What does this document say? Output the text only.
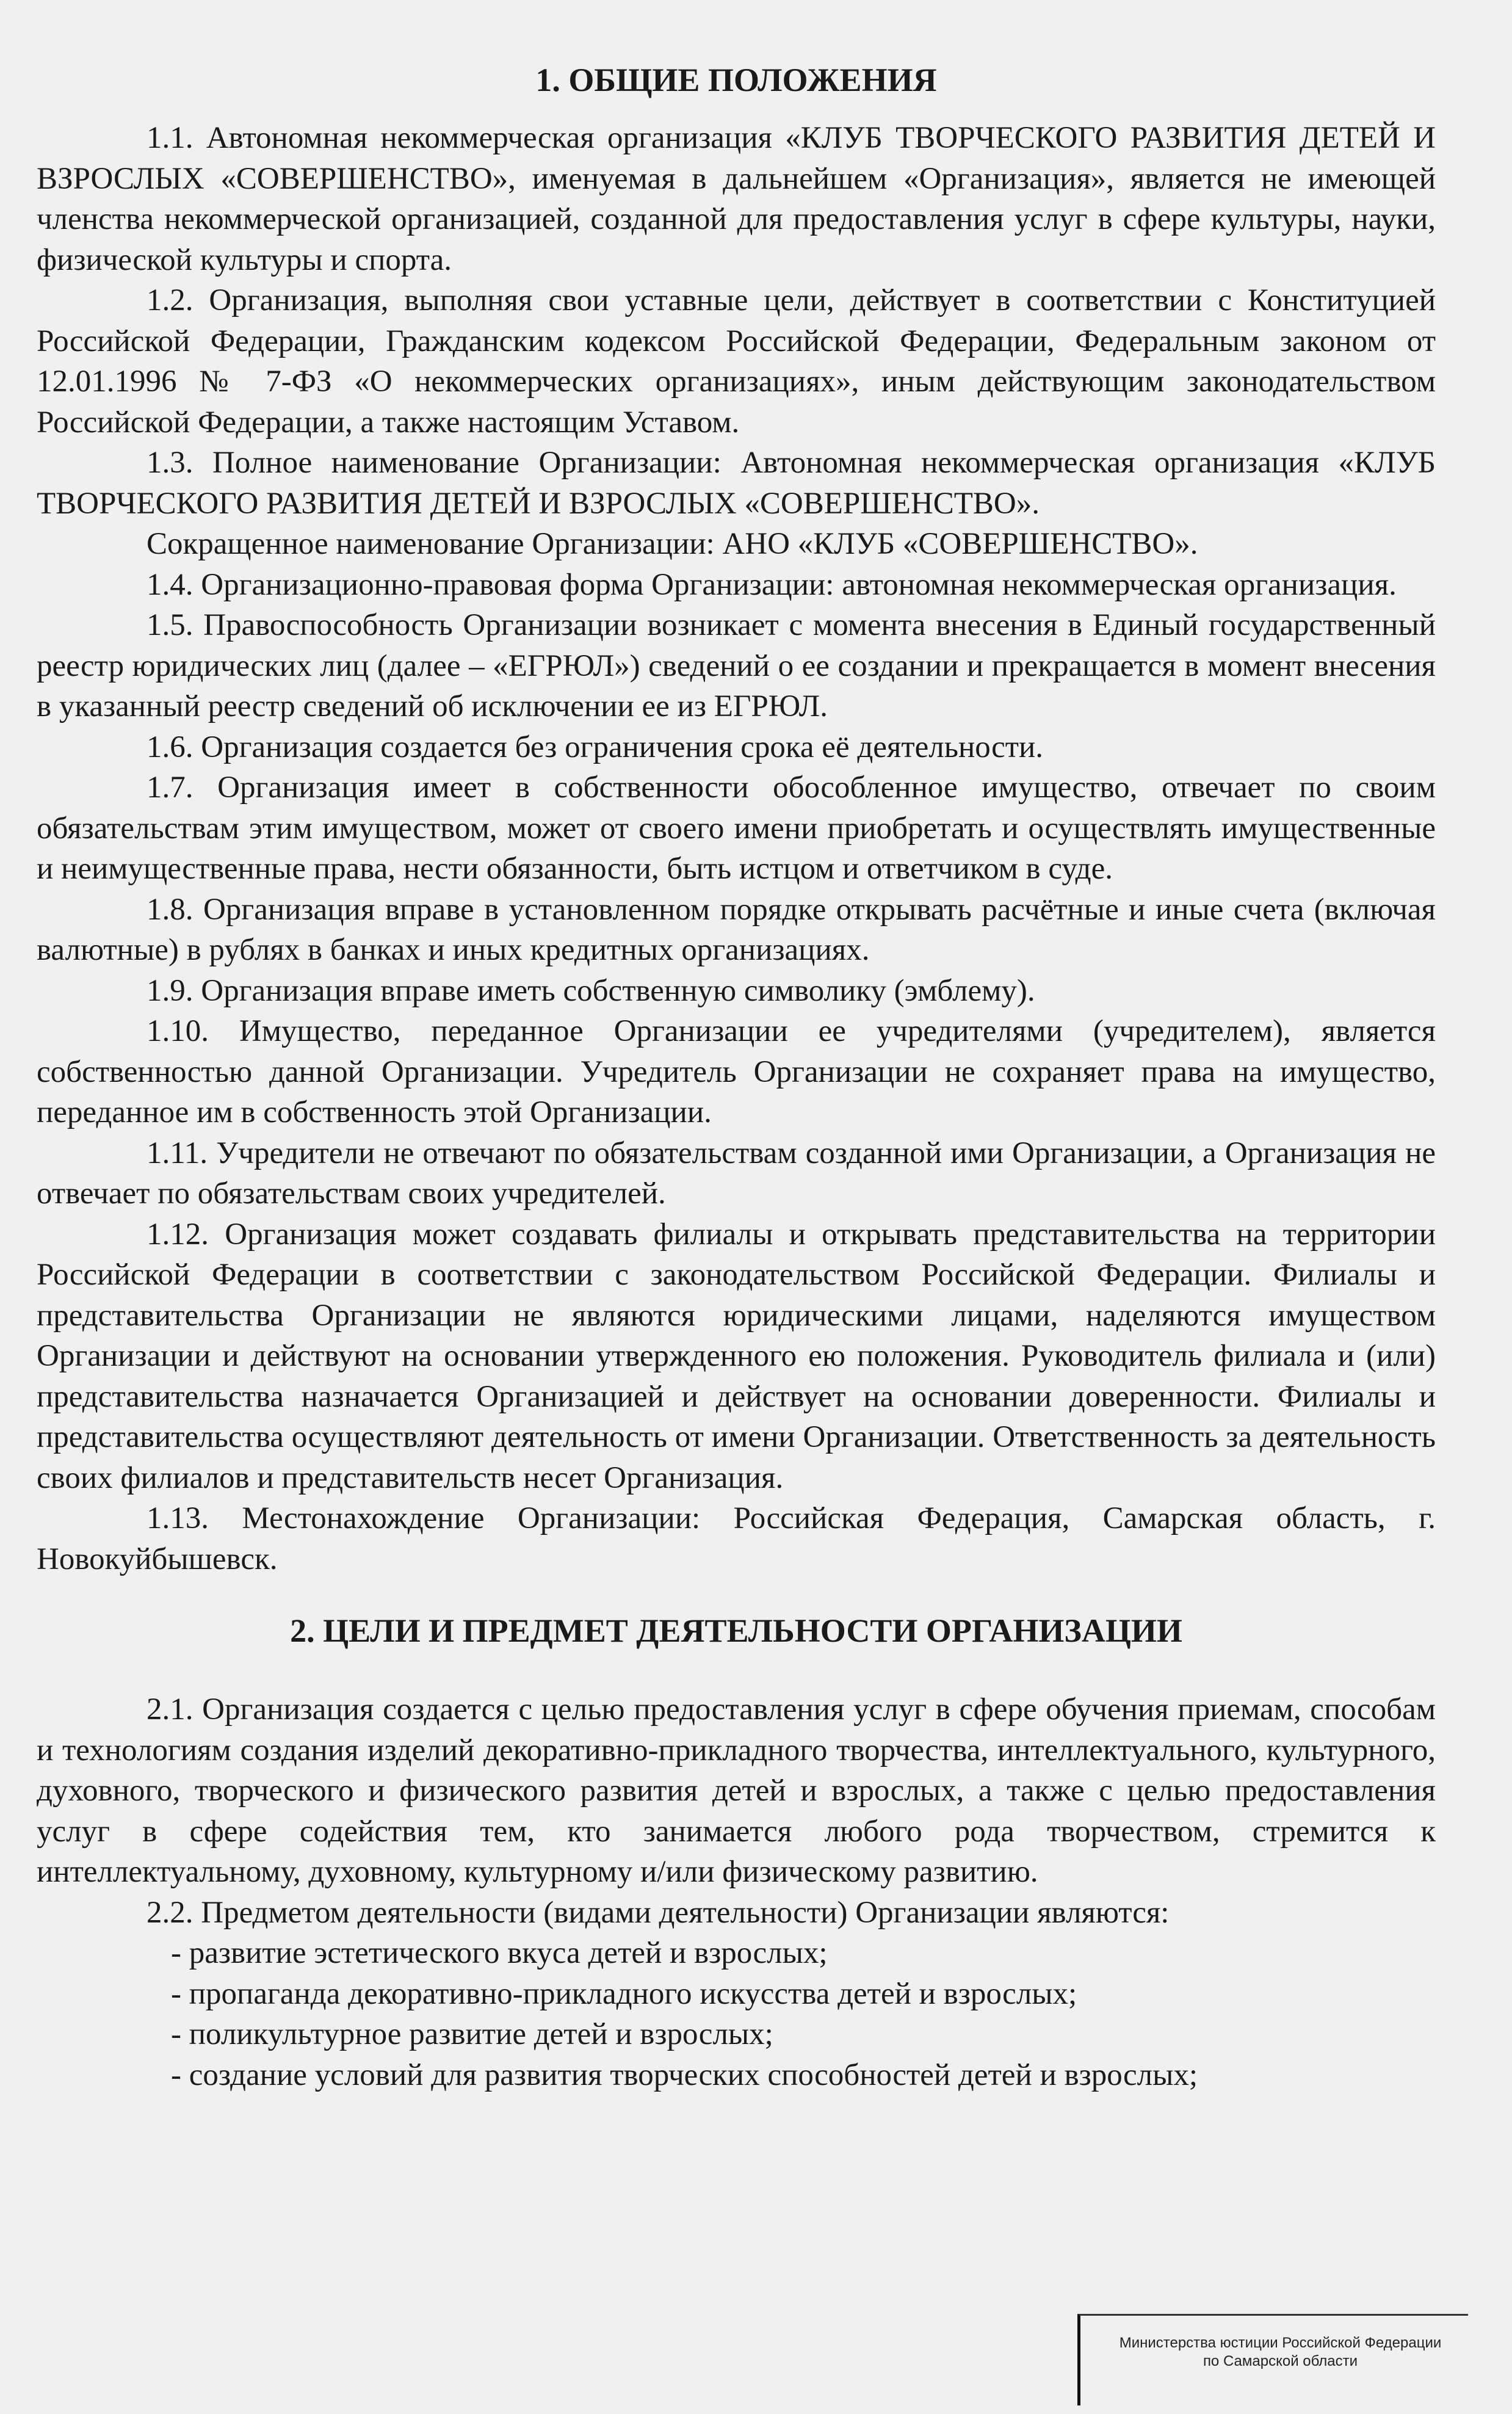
1. ОБЩИЕ ПОЛОЖЕНИЯ

1.1. Автономная некоммерческая организация «КЛУБ ТВОРЧЕСКОГО РАЗВИТИЯ ДЕТЕЙ И ВЗРОСЛЫХ «СОВЕРШЕНСТВО», именуемая в дальнейшем «Организация», является не имеющей членства некоммерческой организацией, созданной для предоставления услуг в сфере культуры, науки, физической культуры и спорта.

1.2. Организация, выполняя свои уставные цели, действует в соответствии с Конституцией Российской Федерации, Гражданским кодексом Российской Федерации, Федеральным законом от 12.01.1996 № 7-ФЗ «О некоммерческих организациях», иным действующим законодательством Российской Федерации, а также настоящим Уставом.

1.3. Полное наименование Организации: Автономная некоммерческая организация «КЛУБ ТВОРЧЕСКОГО РАЗВИТИЯ ДЕТЕЙ И ВЗРОСЛЫХ «СОВЕРШЕНСТВО».

Сокращенное наименование Организации: АНО «КЛУБ «СОВЕРШЕНСТВО».

1.4. Организационно-правовая форма Организации: автономная некоммерческая организация.

1.5. Правоспособность Организации возникает с момента внесения в Единый государственный реестр юридических лиц (далее – «ЕГРЮЛ») сведений о ее создании и прекращается в момент внесения в указанный реестр сведений об исключении ее из ЕГРЮЛ.

1.6. Организация создается без ограничения срока её деятельности.

1.7. Организация имеет в собственности обособленное имущество, отвечает по своим обязательствам этим имуществом, может от своего имени приобретать и осуществлять имущественные и неимущественные права, нести обязанности, быть истцом и ответчиком в суде.

1.8. Организация вправе в установленном порядке открывать расчётные и иные счета (включая валютные) в рублях в банках и иных кредитных организациях.

1.9. Организация вправе иметь собственную символику (эмблему).

1.10. Имущество, переданное Организации ее учредителями (учредителем), является собственностью данной Организации. Учредитель Организации не сохраняет права на имущество, переданное им в собственность этой Организации.

1.11. Учредители не отвечают по обязательствам созданной ими Организации, а Организация не отвечает по обязательствам своих учредителей.

1.12. Организация может создавать филиалы и открывать представительства на территории Российской Федерации в соответствии с законодательством Российской Федерации. Филиалы и представительства Организации не являются юридическими лицами, наделяются имуществом Организации и действуют на основании утвержденного ею положения. Руководитель филиала и (или) представительства назначается Организацией и действует на основании доверенности. Филиалы и представительства осуществляют деятельность от имени Организации. Ответственность за деятельность своих филиалов и представительств несет Организация.

1.13. Местонахождение Организации: Российская Федерация, Самарская область, г. Новокуйбышевск.

2. ЦЕЛИ И ПРЕДМЕТ ДЕЯТЕЛЬНОСТИ ОРГАНИЗАЦИИ

2.1. Организация создается с целью предоставления услуг в сфере обучения приемам, способам и технологиям создания изделий декоративно-прикладного творчества, интеллектуального, культурного, духовного, творческого и физического развития детей и взрослых, а также с целью предоставления услуг в сфере содействия тем, кто занимается любого рода творчеством, стремится к интеллектуальному, духовному, культурному и/или физическому развитию.

2.2. Предметом деятельности (видами деятельности) Организации являются:

- развитие эстетического вкуса детей и взрослых;
- пропаганда декоративно-прикладного искусства детей и взрослых;
- поликультурное развитие детей и взрослых;
- создание условий для развития творческих способностей детей и взрослых;
Министерства юстиции Российской Федерации
по Самарской области
